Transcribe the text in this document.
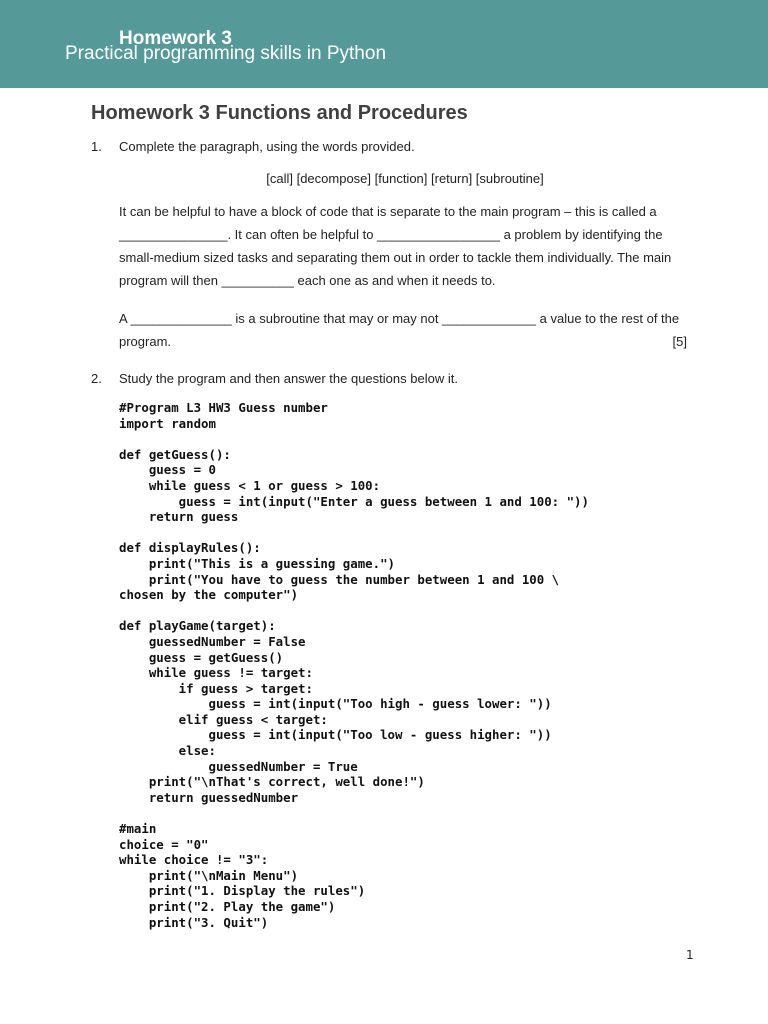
Homework 3
Practical programming skills in Python
Homework 3 Functions and Procedures
1. Complete the paragraph, using the words provided.
[call] [decompose] [function] [return] [subroutine]
It can be helpful to have a block of code that is separate to the main program – this is called a _______________. It can often be helpful to _________________ a problem by identifying the small-medium sized tasks and separating them out in order to tackle them individually. The main program will then __________ each one as and when it needs to.
A ______________ is a subroutine that may or may not _____________ a value to the rest of the program.	[5]
2. Study the program and then answer the questions below it.
#Program L3 HW3 Guess number
import random

def getGuess():
guess = 0
while guess < 1 or guess > 100:
guess = int(input("Enter a guess between 1 and 100: "))
return guess

def displayRules():
print("This is a guessing game.")
print("You have to guess the number between 1 and 100 \
chosen by the computer")

def playGame(target):
guessedNumber = False
guess = getGuess()
while guess != target:
if guess > target:
guess = int(input("Too high - guess lower: "))
elif guess < target:
guess = int(input("Too low - guess higher: "))
else:
guessedNumber = True
print("\nThat's correct, well done!")
return guessedNumber

#main
choice = "0"
while choice != "3":
print("\nMain Menu")
print("1. Display the rules")
print("2. Play the game")
print("3. Quit")
1
